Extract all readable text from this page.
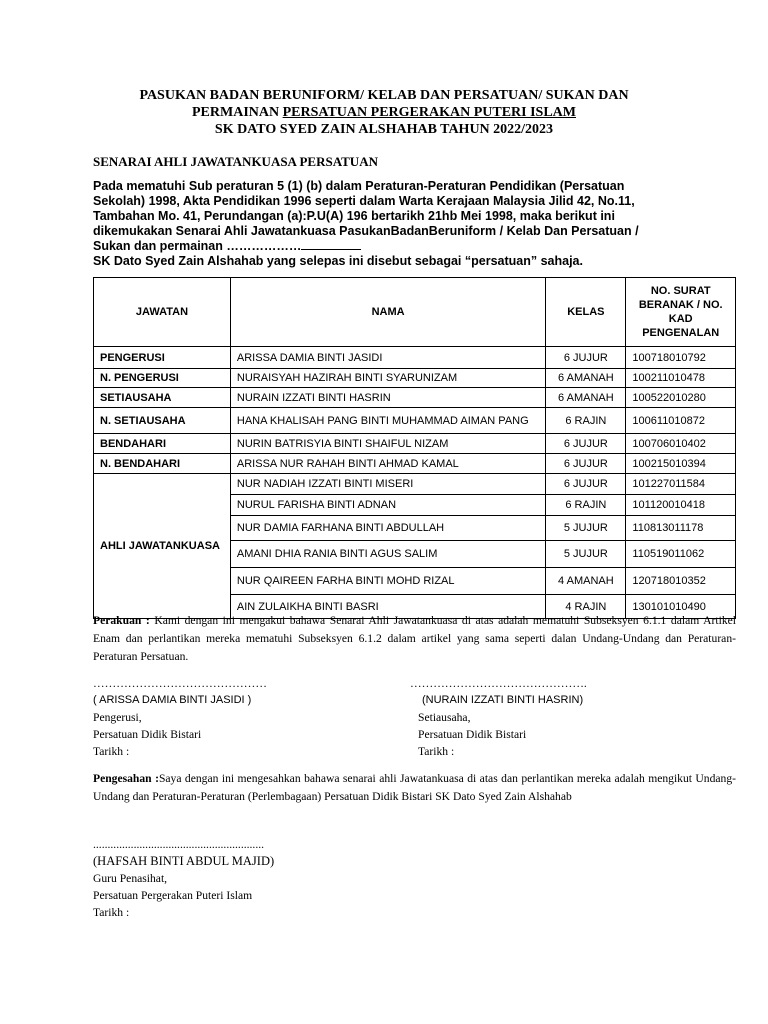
PASUKAN BADAN BERUNIFORM/ KELAB DAN PERSATUAN/ SUKAN DAN
PERMAINAN PERSATUAN PERGERAKAN PUTERI ISLAM
SK DATO SYED ZAIN ALSHAHAB TAHUN 2022/2023
SENARAI AHLI JAWATANKUASA PERSATUAN
Pada mematuhi Sub peraturan 5 (1) (b) dalam Peraturan-Peraturan Pendidikan (Persatuan Sekolah) 1998, Akta Pendidikan 1996 seperti dalam Warta Kerajaan Malaysia Jilid 42, No.11, Tambahan Mo. 41, Perundangan (a):P.U(A) 196 bertarikh 21hb Mei 1998, maka berikut ini dikemukakan Senarai Ahli Jawatankuasa PasukanBadanBeruniform / Kelab Dan Persatuan / Sukan dan permainan ………………
SK Dato Syed Zain Alshahab yang selepas ini disebut sebagai “persatuan” sahaja.
JAWATAN	NAMA	KELAS	NO. SURAT BERANAK / NO. KAD PENGENALAN
PENGERUSI	ARISSA DAMIA BINTI JASIDI	6 JUJUR	100718010792
N. PENGERUSI	NURAISYAH HAZIRAH BINTI SYARUNIZAM	6 AMANAH	100211010478
SETIAUSAHA	NURAIN IZZATI BINTI HASRIN	6 AMANAH	100522010280
N. SETIAUSAHA	HANA KHALISAH PANG BINTI MUHAMMAD AIMAN PANG	6 RAJIN	100611010872
BENDAHARI	NURIN BATRISYIA BINTI SHAIFUL NIZAM	6 JUJUR	100706010402
N. BENDAHARI	ARISSA NUR RAHAH BINTI AHMAD KAMAL	6 JUJUR	100215010394
AHLI JAWATANKUASA	NUR NADIAH IZZATI BINTI MISERI	6 JUJUR	101227011584
	NURUL FARISHA BINTI ADNAN	6 RAJIN	101120010418
	NUR DAMIA FARHANA BINTI ABDULLAH	5 JUJUR	110813011178
	AMANI DHIA RANIA BINTI AGUS SALIM	5 JUJUR	110519011062
	NUR QAIREEN FARHA BINTI MOHD RIZAL	4 AMANAH	120718010352
	AIN ZULAIKHA BINTI BASRI	4 RAJIN	130101010490
Perakuan : Kami dengan ini mengakui bahawa Senarai Ahli Jawatankuasa di atas adalah mematuhi Subseksyen 6.1.1 dalam Artikel Enam dan perlantikan mereka mematuhi Subseksyen 6.1.2 dalam artikel yang sama seperti dalan Undang-Undang dan Peraturan-Peraturan Persatuan.
………………………………………
( ARISSA DAMIA BINTI JASIDI )
Pengerusi,
Persatuan Didik Bistari
Tarikh :
……………………………………….
(NURAIN IZZATI BINTI HASRIN)
Setiausaha,
Persatuan Didik Bistari
Tarikh :
Pengesahan :Saya dengan ini mengesahkan bahawa senarai ahli Jawatankuasa di atas dan perlantikan mereka adalah mengikut Undang-Undang dan Peraturan-Peraturan (Perlembagaan) Persatuan Didik Bistari SK Dato Syed Zain Alshahab
...........................................................
(HAFSAH BINTI ABDUL MAJID)
Guru Penasihat,
Persatuan Pergerakan Puteri Islam
Tarikh :
